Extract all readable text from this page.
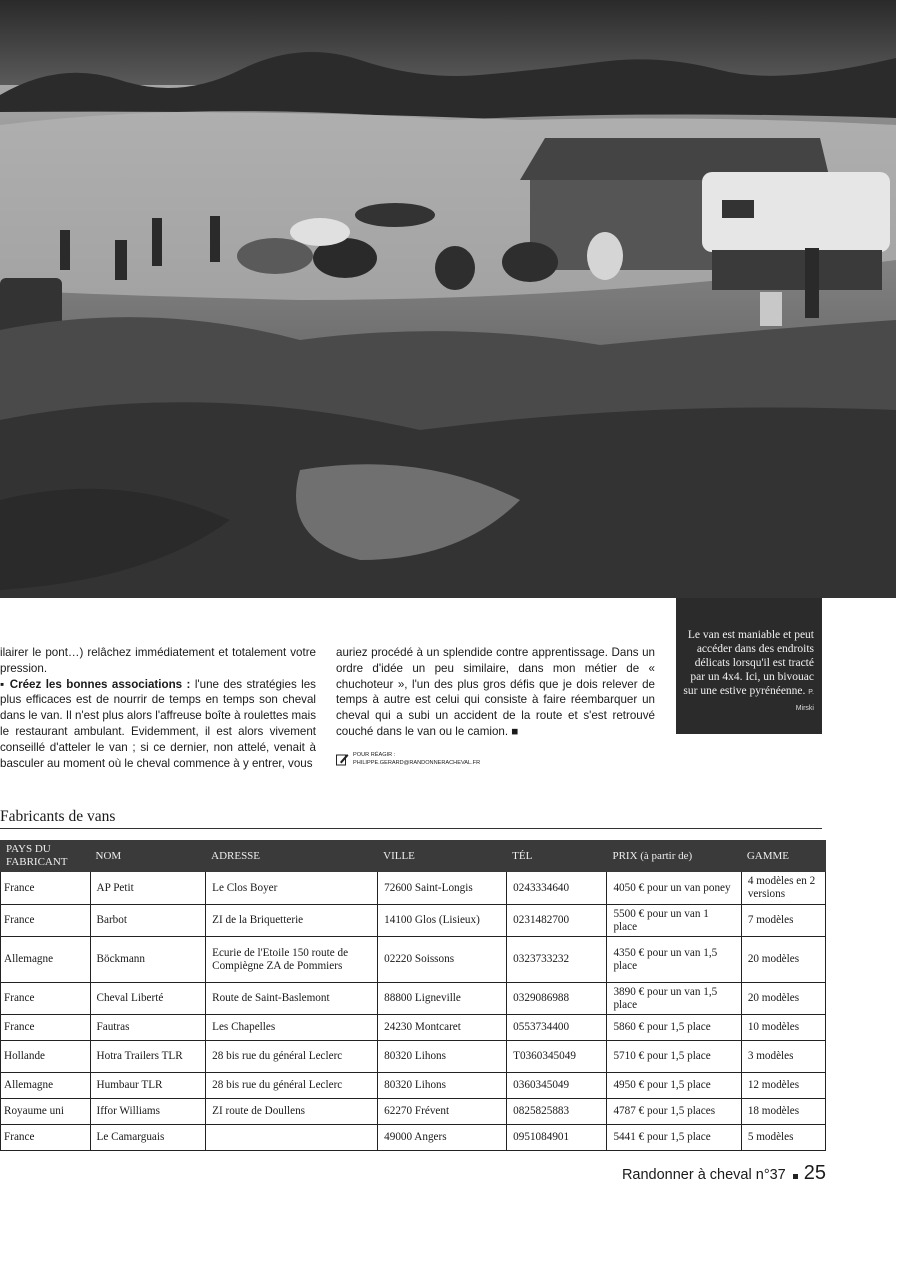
Le van est maniable et peut accéder dans des endroits délicats lorsqu'il est tracté par un 4x4. Ici, un bivouac sur une estive pyrénéenne. P. Mirski

ilairer le pont…) relâchez immédiatement et totalement votre pression.

▪ Créez les bonnes associations : l'une des stratégies les plus efficaces est de nourrir de temps en temps son cheval dans le van. Il n'est plus alors l'affreuse boîte à roulettes mais le restaurant ambulant. Evidemment, il est alors vivement conseillé d'atteler le van ; si ce dernier, non attelé, venait à basculer au moment où le cheval commence à y entrer, vous

auriez procédé à un splendide contre apprentissage. Dans un ordre d'idée un peu similaire, dans mon métier de « chuchoteur », l'un des plus gros défis que je dois relever de temps à autre est celui qui consiste à faire réembarquer un cheval qui a subi un accident de la route et s'est retrouvé couché dans le van ou le camion. ■

POUR RÉAGIR :
PHILIPPE.GERARD@RANDONNERACHEVAL.FR
Fabricants de vans
PAYS DU FABRICANT	NOM	ADRESSE	VILLE	TÉL	PRIX (à partir de)	GAMME
France	AP Petit	Le Clos Boyer	72600 Saint-Longis	0243334640	4050 € pour un van poney	4 modèles en 2 versions
France	Barbot	ZI de la Briquetterie	14100 Glos (Lisieux)	0231482700	5500 € pour un van 1 place	7 modèles
Allemagne	Böckmann	Ecurie de l'Etoile 150 route de Compiègne ZA de Pommiers	02220 Soissons	0323733232	4350 € pour un van 1,5 place	20 modèles
France	Cheval Liberté	Route de Saint-Baslemont	88800 Ligneville	0329086988	3890 € pour un van 1,5 place	20 modèles
France	Fautras	Les Chapelles	24230 Montcaret	0553734400	5860 € pour 1,5 place	10 modèles
Hollande	Hotra Trailers TLR	28 bis rue du général Leclerc	80320 Lihons	T0360345049	5710 € pour 1,5 place	3 modèles
Allemagne	Humbaur TLR	28 bis rue du général Leclerc	80320 Lihons	0360345049	4950 € pour 1,5 place	12 modèles
Royaume uni	Iffor Williams	ZI route de Doullens	62270 Frévent	0825825883	4787 € pour 1,5 places	18 modèles
France	Le Camarguais		49000 Angers	0951084901	5441 € pour 1,5 place	5 modèles
Randonner à cheval n°37 25
